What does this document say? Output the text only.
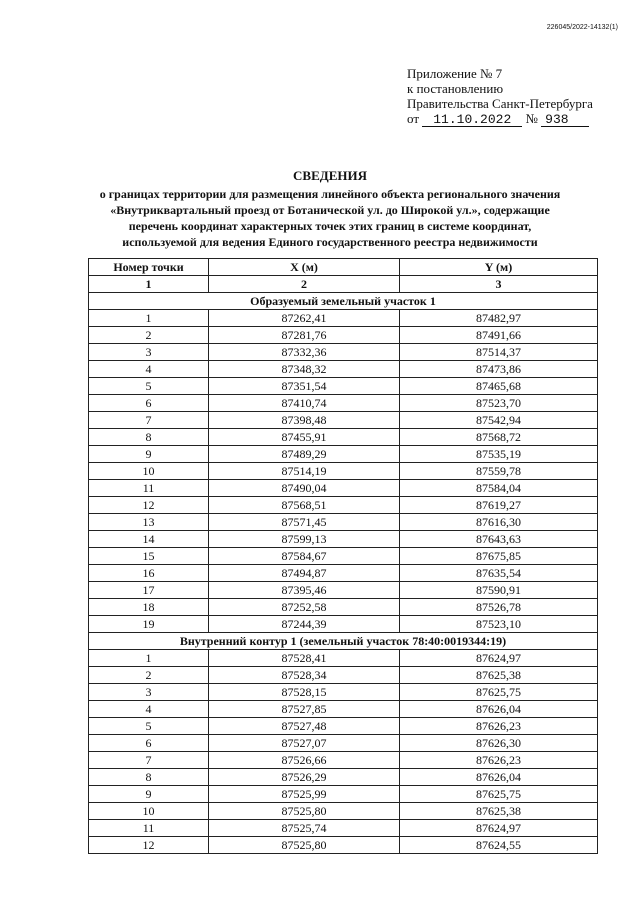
226045/2022-14132(1)
Приложение № 7
к постановлению
Правительства Санкт-Петербурга
от 11.10.2022 № 938
СВЕДЕНИЯ
о границах территории для размещения линейного объекта регионального значения
«Внутриквартальный проезд от Ботанической ул. до Широкой ул.», содержащие
перечень координат характерных точек этих границ в системе координат,
используемой для ведения Единого государственного реестра недвижимости
Номер точки	X (м)	Y (м)
1	2	3
Образуемый земельный участок 1		
1	87262,41	87482,97
2	87281,76	87491,66
3	87332,36	87514,37
4	87348,32	87473,86
5	87351,54	87465,68
6	87410,74	87523,70
7	87398,48	87542,94
8	87455,91	87568,72
9	87489,29	87535,19
10	87514,19	87559,78
11	87490,04	87584,04
12	87568,51	87619,27
13	87571,45	87616,30
14	87599,13	87643,63
15	87584,67	87675,85
16	87494,87	87635,54
17	87395,46	87590,91
18	87252,58	87526,78
19	87244,39	87523,10
Внутренний контур 1 (земельный участок 78:40:0019344:19)		
1	87528,41	87624,97
2	87528,34	87625,38
3	87528,15	87625,75
4	87527,85	87626,04
5	87527,48	87626,23
6	87527,07	87626,30
7	87526,66	87626,23
8	87526,29	87626,04
9	87525,99	87625,75
10	87525,80	87625,38
11	87525,74	87624,97
12	87525,80	87624,55
